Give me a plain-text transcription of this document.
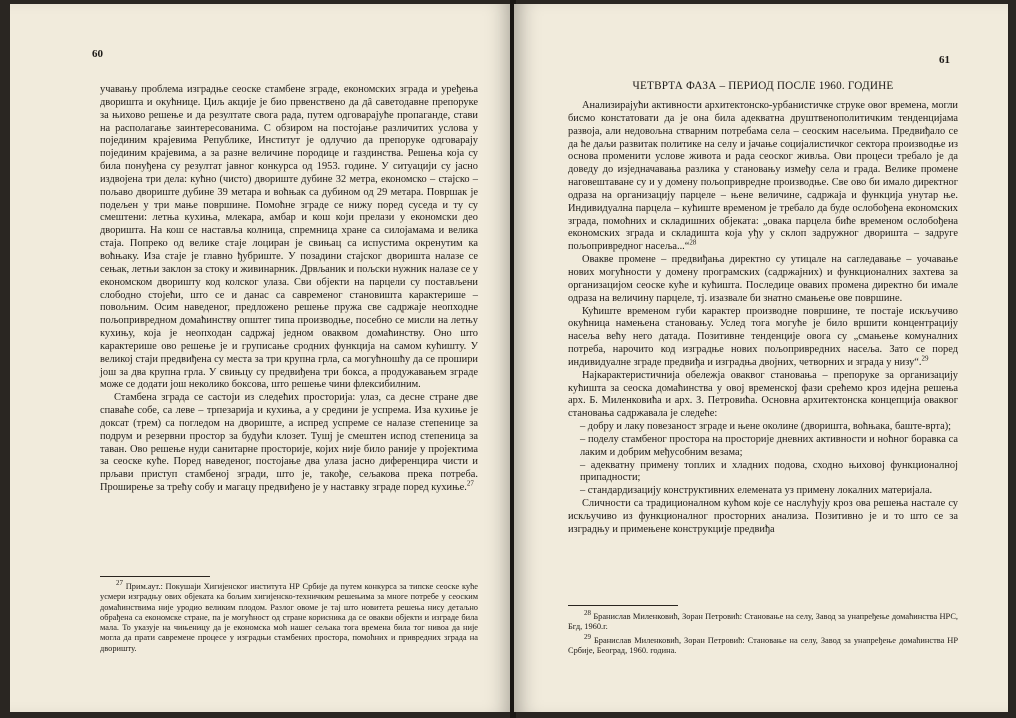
60

учавању проблема изградње сеоске стамбене зграде, економских зграда и уређења дворишта и окућнице. Циљ акције је био првенствено да дâ саветодавне препоруке за њихово решење и да резултате свога рада, путем одговарајуће пропаганде, стави на располагање заинтересованима. С обзиром на постојање различитих услова у појединим крајевима Републике, Институт је одлучио да препоруке одговарају појединим крајевима, а за разне величине породице и газдинства. Решења која су била понуђена су резултат јавног конкурса од 1953. године. У ситуацији су јасно издвојена три дела: кућно (чисто) двориште дубине 32 метра, економско – стајско – пољаво двориште дубине 39 метара и воћњак са дубином од 29 метара. Површак је подељен у три мање површине. Помоћне зграде се нижу поред суседа и ту су смештени: летња кухиња, млекара, амбар и кош који прелази у економски део дворишта. На кош се наставља колница, спремница хране са силојамама и велика стаја. Попреко од велике стаје лоциран је свињац са испустима окренутим ка воћњаку. Иза стаје је главно ђубриште. У позадини стајског дворишта налазе се сењак, летњи заклон за стоку и живинарник. Дрвљаник и пољски нужник налазе се у економском дворишту код колског улаза. Сви објекти на парцели су постављени слободно стојећи, што се и данас са савременог становишта карактерише – повољним. Осим наведеног, предложено решење пружа све садржаје неопходне пољопривредном домаћинству општег типа производње, посебно се мисли на летњу кухињу, која је неопходан садржај једном оваквом домаћинству. Оно што карактерише ово решење је и груписање сродних функција на самом кућишту. У великој стаји предвиђена су места за три крупна грла, са могућношћу да се прошири још за два крупна грла. У свињцу су предвиђена три бокса, а продужавањем зграде може се додати још неколико боксова, што решење чини флексибилним.

Стамбена зграда се састоји из следећих просторија: улаз, са десне стране две спаваће собе, са леве – трпезарија и кухиња, а у средини је успрема. Иза кухиње је доксат (трем) са погледом на двориште, а испред успреме се налазе степенице за подрум и резервни простор за будући клозет. Тушј је смештен испод степеница за таван. Ово решење нуди санитарне просторије, којих није било раније у пројектима за сеоске куће. Поред наведеног, постојање два улаза јасно диференцира чисти и прљави приступ стамбеној згради, што је, такође, сељакова прека потреба. Проширење за трећу собу и магацу предвиђено је у наставку зграде поред кухиње.$^{27}$

$^{27}$ Прим.аут.: Покушаји Хигијенског института НР Србије да путем конкурса за типске сеоске куће усмери изградњу ових објеката ка бољим хигијенско-техничким решењима за многе потребе у сеоским домаћинствима није уродио великим плодом. Разлог овоме је тај што новитета решења нису детаљно обрађена са економске стране, па је могућност од стране корисника да се овакви објекти и изграде била мала. То указује на чињеницу да је економска моћ нашег сељака тога времена била тог нивоа да није могла да прати савремене процесе у изградњи стамбених простора, помоћних и привредних зграда на дворишту.

61
ЧЕТВРТА ФАЗА – ПЕРИОД ПОСЛЕ 1960. ГОДИНЕ

Анализирајући активности архитектонско-урбанистичке струке овог времена, могли бисмо констатовати да је она била адекватна друштвенополитичким тенденцијама развоја, али недовољна стварним потребама села – сеоским насељима. Предвиђало се да ће даљи развитак политике на селу и јачање социјалистичког сектора производње из основа променити услове живота и рада сеоског живља. Ови процеси требало је да доведу до изједначавања разлика у становању између села и града. Велике промене наговештаване су и у домену пољопривредне производње. Све ово би имало директног одраза на организацију парцеле – њене величине, садржаја и функција унутар ње. Индивидуална парцела – кућиште временом је требало да буде ослобођена економских зграда, помоћних и складишних објеката: „овака парцела биће временом ослобођена економских зграда и складишта која уђу у склоп задружног дворишта – задруге пољопривредног насеља...“$^{28}$

Овакве промене – предвиђања директно су утицале на сагледавање – уочавање нових могућности у домену програмских (садржајних) и функционалних захтева за организацијом сеоске куће и кућишта. Последице овавих промена директно би имале одраза на величину парцеле, тј. изазвале би знатно смањење ове површине.

Кућиште временом губи карактер производне површине, те постаје искључиво окућница намењена становању. Услед тога могуће је било вршити концентрацију насеља већу него датада. Позитивне тенденције овога су „смањење комуналних потреба, нарочито код изградње нових пољопривредних насеља. Зато се поред индивидуалне зграде предвиђа и изградња двојних, четворних и зграда у низу“.$^{29}$

Најкарактеристичнија обележја оваквог становања – препоруке за организацију кућишта за сеоска домаћинства у овој временској фази срећемо кроз идејна решења арх. Б. Миленковића и арх. З. Петровића. Основна архитектонска концепција оваквог становања садржавала је следеће:

– добру и лаку повезаност зграде и њене околине (дворишта, воћњака, баште-врта);

– поделу стамбеног простора на просторије дневних активности и ноћног боравка са лаким и добрим међусобним везама;

– адекватну примену топлих и хладних подова, сходно њиховој функционалној припадности;

– стандардизацију конструктивних елемената уз примену локалних материјала.

Сличности са традиционалном кућом које се наслућују кроз ова решења настале су искључиво из функционалног просторних анализа. Позитивно је и то што се за изградњу и примењене конструкције предвиђа

$^{28}$ Бранислав Миленковић, Зоран Петровић: Становање на селу, Завод за унапређење домаћинства НРС, Бгд, 1960.г.

$^{29}$ Бранислав Миленковић, Зоран Петровић: Становање на селу, Завод за унапређење домаћинства НР Србије, Београд, 1960. година.
